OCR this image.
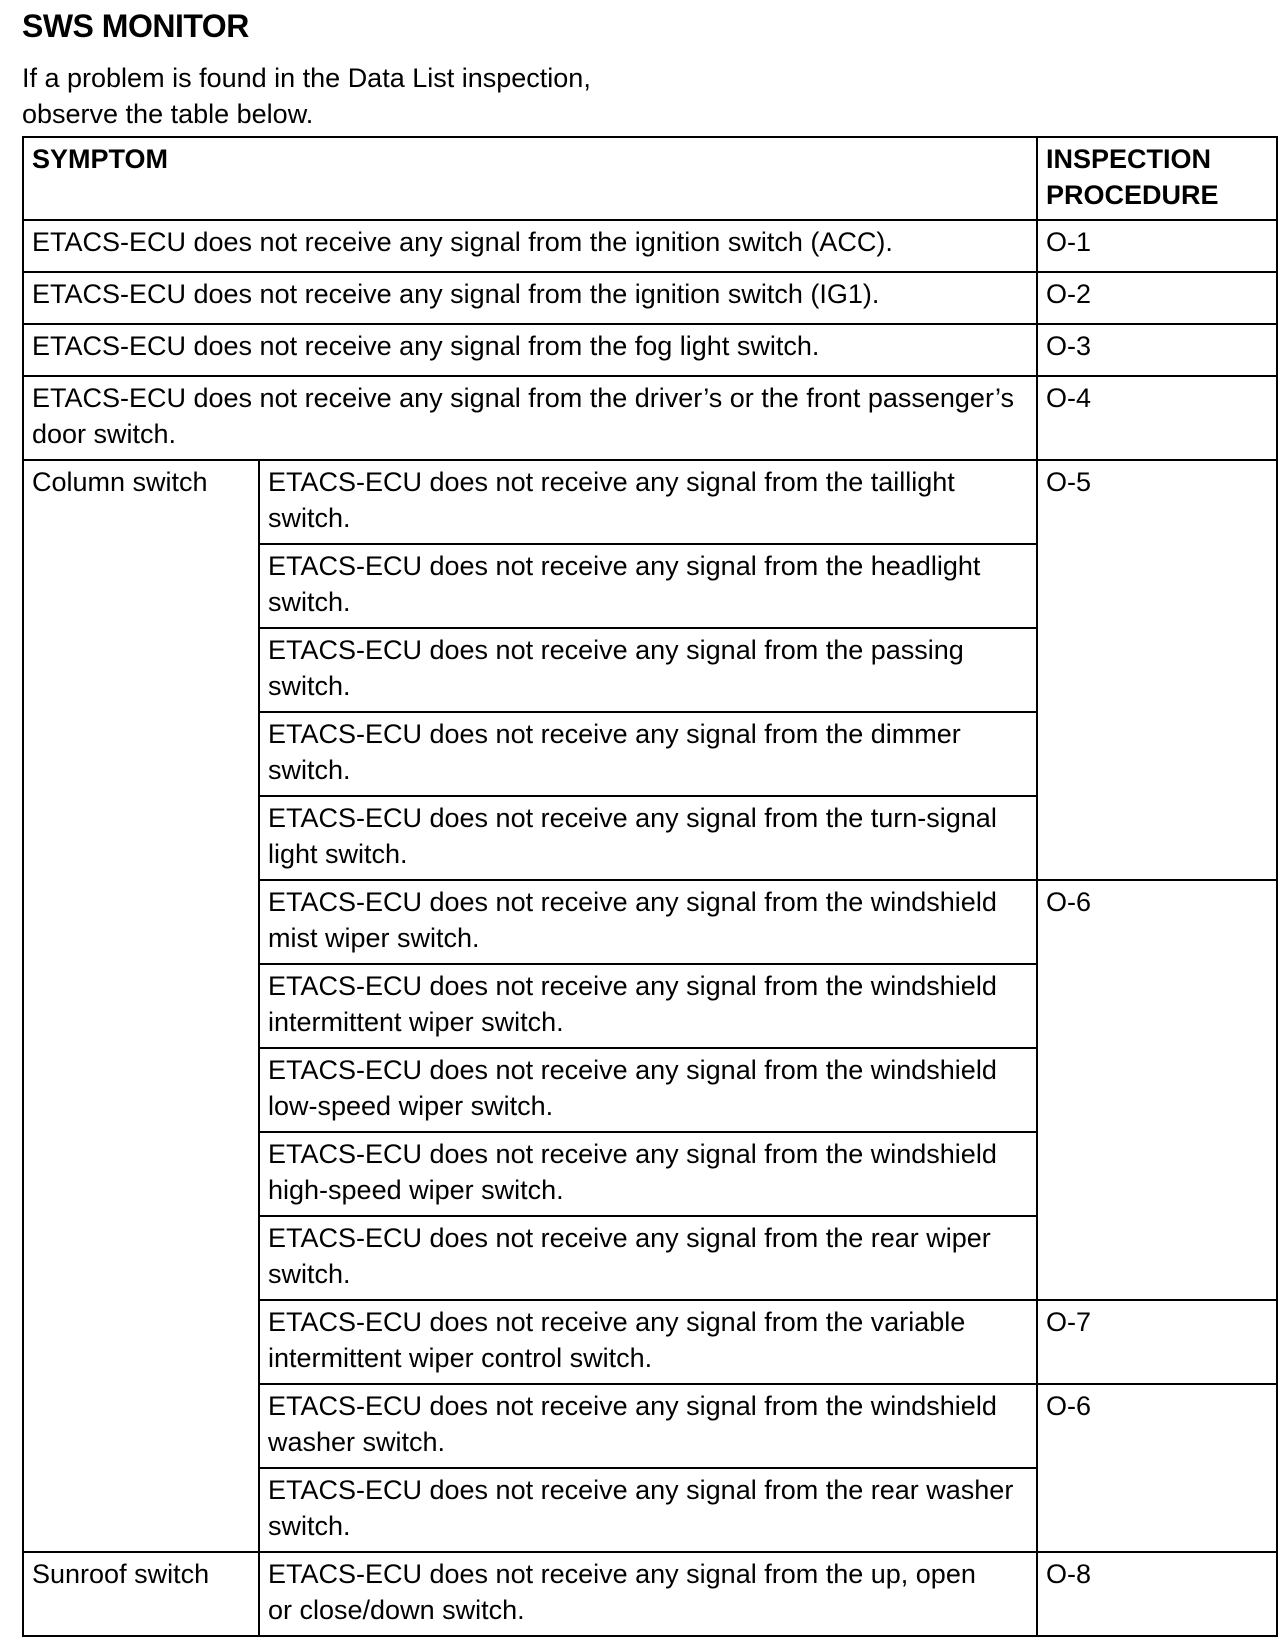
SWS MONITOR
If a problem is found in the Data List inspection,
observe the table below.
SYMPTOM		INSPECTION
PROCEDURE
ETACS-ECU does not receive any signal from the ignition switch (ACC).		O-1
ETACS-ECU does not receive any signal from the ignition switch (IG1).		O-2
ETACS-ECU does not receive any signal from the fog light switch.		O-3
ETACS-ECU does not receive any signal from the driver’s or the front passenger’s door switch.		O-4
Column switch	ETACS-ECU does not receive any signal from the taillight switch.	O-5
	ETACS-ECU does not receive any signal from the headlight switch.	
	ETACS-ECU does not receive any signal from the passing switch.	
	ETACS-ECU does not receive any signal from the dimmer switch.	
	ETACS-ECU does not receive any signal from the turn-signal light switch.	
	ETACS-ECU does not receive any signal from the windshield mist wiper switch.	O-6
	ETACS-ECU does not receive any signal from the windshield intermittent wiper switch.	
	ETACS-ECU does not receive any signal from the windshield low-speed wiper switch.	
	ETACS-ECU does not receive any signal from the windshield high-speed wiper switch.	
	ETACS-ECU does not receive any signal from the rear wiper switch.	
	ETACS-ECU does not receive any signal from the variable intermittent wiper control switch.	O-7
	ETACS-ECU does not receive any signal from the windshield washer switch.	O-6
	ETACS-ECU does not receive any signal from the rear washer switch.	
Sunroof switch	ETACS-ECU does not receive any signal from the up, open or close/down switch.	O-8
